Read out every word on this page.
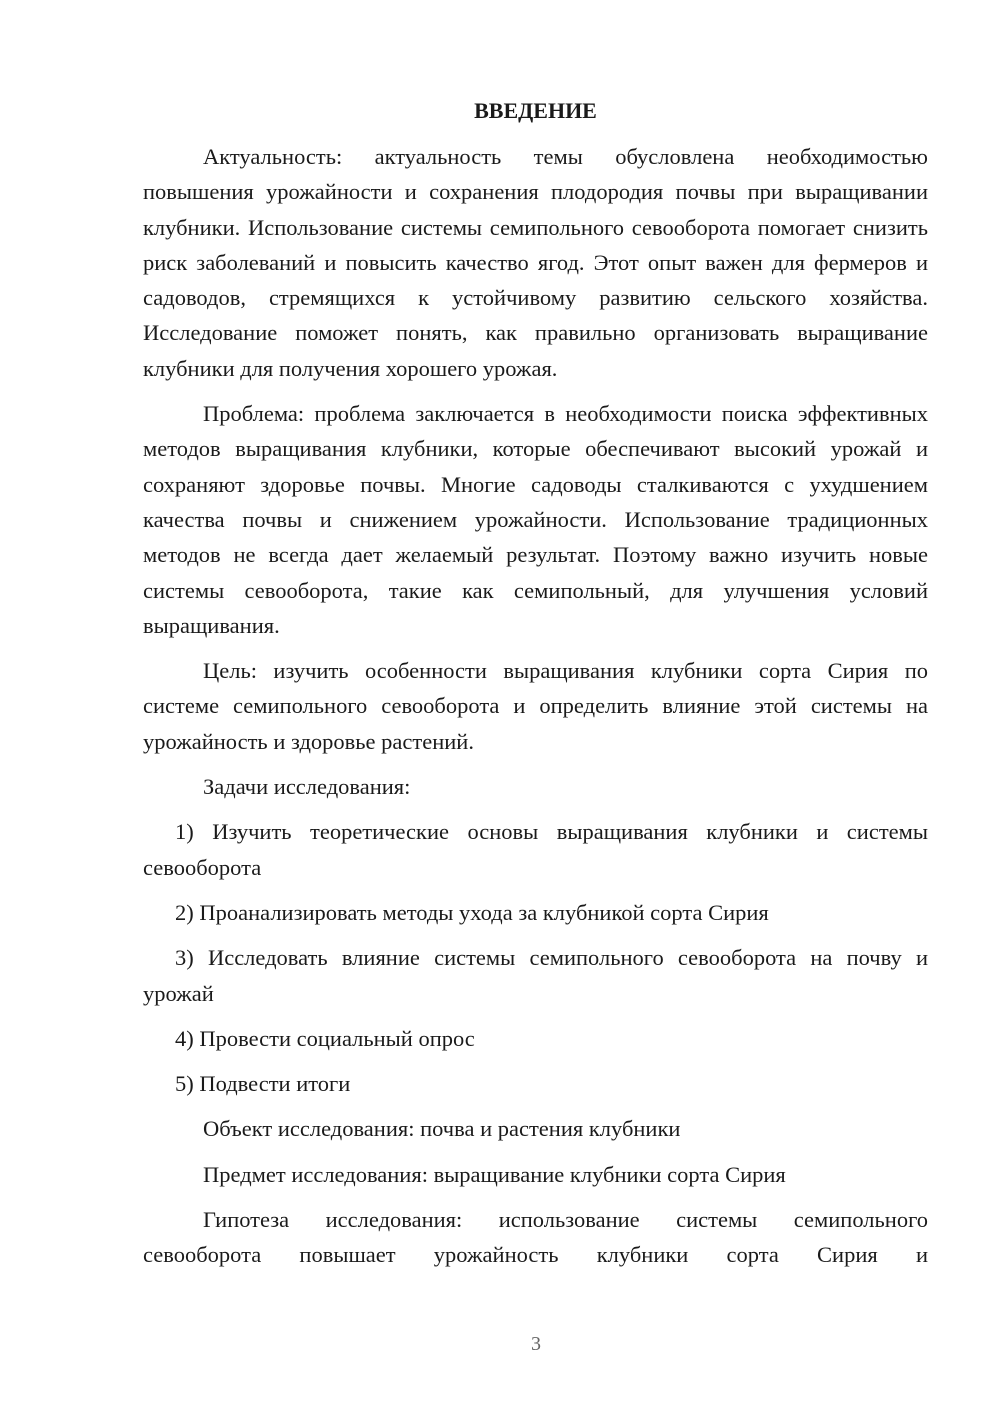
ВВЕДЕНИЕ

Актуальность: актуальность темы обусловлена необходимостью повышения урожайности и сохранения плодородия почвы при выращивании клубники. Использование системы семипольного севооборота помогает снизить риск заболеваний и повысить качество ягод. Этот опыт важен для фермеров и садоводов, стремящихся к устойчивому развитию сельского хозяйства. Исследование поможет понять, как правильно организовать выращивание клубники для получения хорошего урожая.

Проблема: проблема заключается в необходимости поиска эффективных методов выращивания клубники, которые обеспечивают высокий урожай и сохраняют здоровье почвы. Многие садоводы сталкиваются с ухудшением качества почвы и снижением урожайности. Использование традиционных методов не всегда дает желаемый результат. Поэтому важно изучить новые системы севооборота, такие как семипольный, для улучшения условий выращивания.

Цель: изучить особенности выращивания клубники сорта Сирия по системе семипольного севооборота и определить влияние этой системы на урожайность и здоровье растений.

Задачи исследования:

1) Изучить теоретические основы выращивания клубники и системы севооборота

2) Проанализировать методы ухода за клубникой сорта Сирия

3) Исследовать влияние системы семипольного севооборота на почву и урожай

4) Провести социальный опрос

5) Подвести итоги

Объект исследования: почва и растения клубники

Предмет исследования: выращивание клубники сорта Сирия

Гипотеза исследования: использование системы семипольного севооборота повышает урожайность клубники сорта Сирия и

3
